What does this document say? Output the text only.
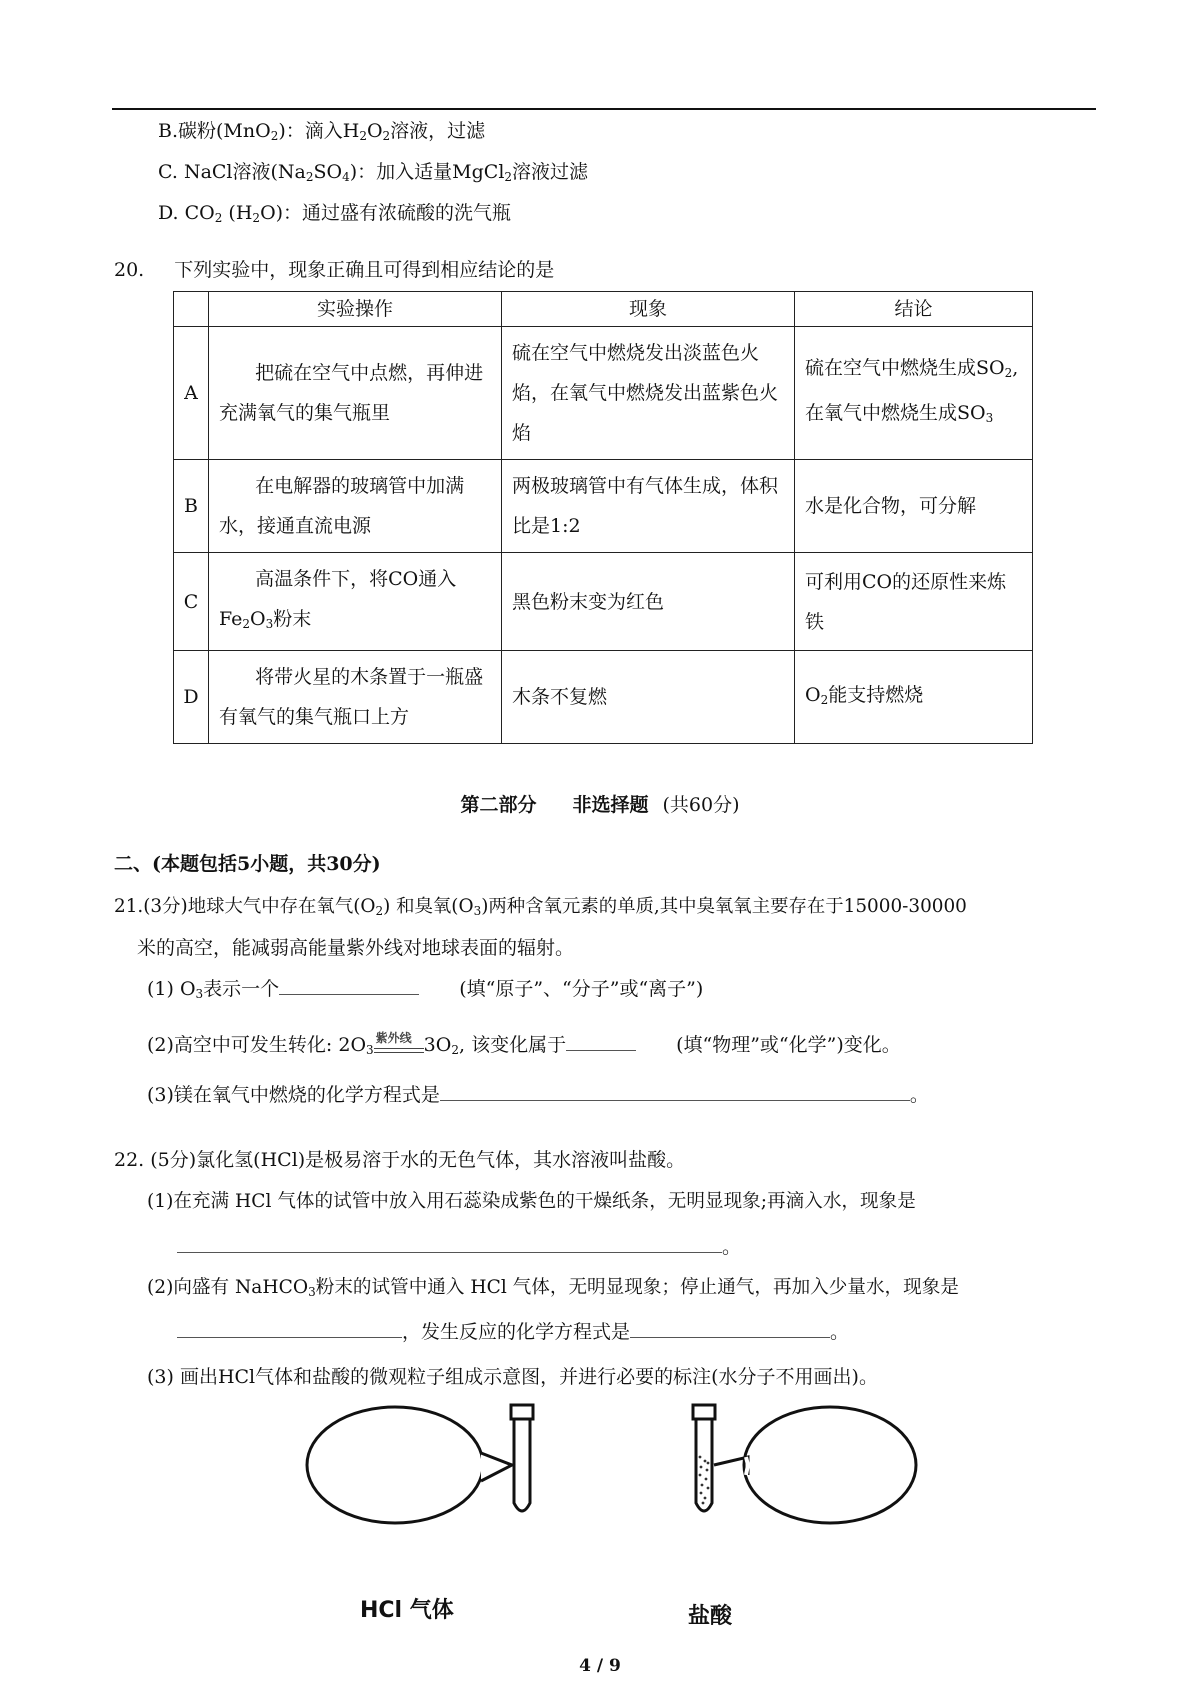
B.碳粉(MnO$_2$)：滴入$H_2O_2$溶液，过滤
C. NaCl溶液$(Na_2SO_4)$：加入适量MgCl$_2$溶液过滤
D. $CO_2$ $(H_2O)$：通过盛有浓硫酸的洗气瓶
20. 下列实验中，现象正确且可得到相应结论的是
	实验操作	现象	结论
A	把硫在空气中点燃，再伸进充满氧气的集气瓶里	硫在空气中燃烧发出淡蓝色火焰，在氧气中燃烧发出蓝紫色火焰	硫在空气中燃烧生成$SO_2$,在氧气中燃烧生成$SO_3$
B	在电解器的玻璃管中加满水，接通直流电源	两极玻璃管中有气体生成，体积比是1:2	水是化合物，可分解
C	高温条件下，将CO通入$Fe_2O_3$粉末	黑色粉末变为红色	可利用CO的还原性来炼铁
D	将带火星的木条置于一瓶盛有氧气的集气瓶口上方	木条不复燃	$O_2$能支持燃烧
第二部分 非选择题 (共60分)
二、(本题包括5小题，共30分)
21.(3分)地球大气中存在氧气$(O_2)$ 和臭氧$(O_3)$两种含氧元素的单质,其中臭氧氧主要存在于15000-30000
米的高空，能减弱高能量紫外线对地球表面的辐射。
(1) $O_3$表示一个	(填“原子”、“分子”或“离子”)
(2)高空中可发生转化: $2O_3$
紫外线 $3O_2$, 该变化属于	(填“物理”或“化学”)变化。
(3)镁在氧气中燃烧的化学方程式是	。
22. (5分)氯化氢(HCl)是极易溶于水的无色气体，其水溶液叫盐酸。
(1)在充满 HCl 气体的试管中放入用石蕊染成紫色的干燥纸条，无明显现象;再滴入水，现象是
。
(2)向盛有 NaHCO$_3$粉末的试管中通入 HCl 气体，无明显现象；停止通气，再加入少量水，现象是
，发生反应的化学方程式是	。
(3) 画出HCl气体和盐酸的微观粒子组成示意图，并进行必要的标注(水分子不用画出)。
HCl 气体	盐酸
4 / 9
